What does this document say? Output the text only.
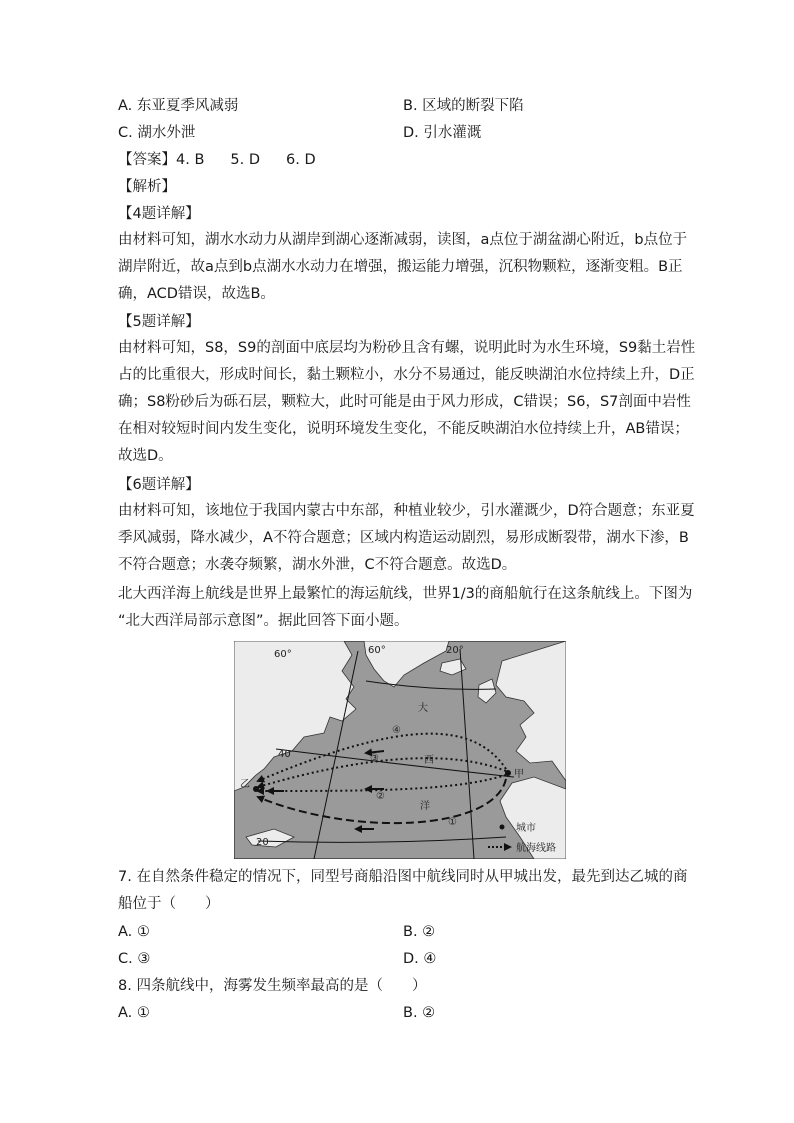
A. 东亚夏季风减弱	B. 区域的断裂下陷
C. 湖水外泄	D. 引水灌溉
【答案】4. B 5. D 6. D
【解析】
【4题详解】
由材料可知，湖水水动力从湖岸到湖心逐渐减弱，读图，a点位于湖盆湖心附近，b点位于
湖岸附近，故a点到b点湖水水动力在增强，搬运能力增强，沉积物颗粒，逐渐变粗。B正
确，ACD错误，故选B。
【5题详解】
由材料可知，S8，S9的剖面中底层均为粉砂且含有螺，说明此时为水生环境，S9黏土岩性
占的比重很大，形成时间长，黏土颗粒小，水分不易通过，能反映湖泊水位持续上升，D正
确；S8粉砂后为砾石层，颗粒大，此时可能是由于风力形成，C错误；S6，S7剖面中岩性
在相对较短时间内发生变化，说明环境发生变化，不能反映湖泊水位持续上升，AB错误；
故选D。
【6题详解】
由材料可知，该地位于我国内蒙古中东部，种植业较少，引水灌溉少，D符合题意；东亚夏
季风减弱，降水减少，A不符合题意；区域内构造运动剧烈，易形成断裂带，湖水下渗，B
不符合题意；水袭夺频繁，湖水外泄，C不符合题意。故选D。
北大西洋海上航线是世界上最繁忙的海运航线，世界1/3的商船航行在这条航线上。下图为
“北大西洋局部示意图”。据此回答下面小题。
60°	60°	20°
40
20
大
西
洋
甲
乙
①
②
③
④
城市
航海线路
7. 在自然条件稳定的情况下，同型号商船沿图中航线同时从甲城出发，最先到达乙城的商
船位于（　　）
A. ①	B. ②
C. ③	D. ④
8. 四条航线中，海雾发生频率最高的是（　　）
A. ①	B. ②
